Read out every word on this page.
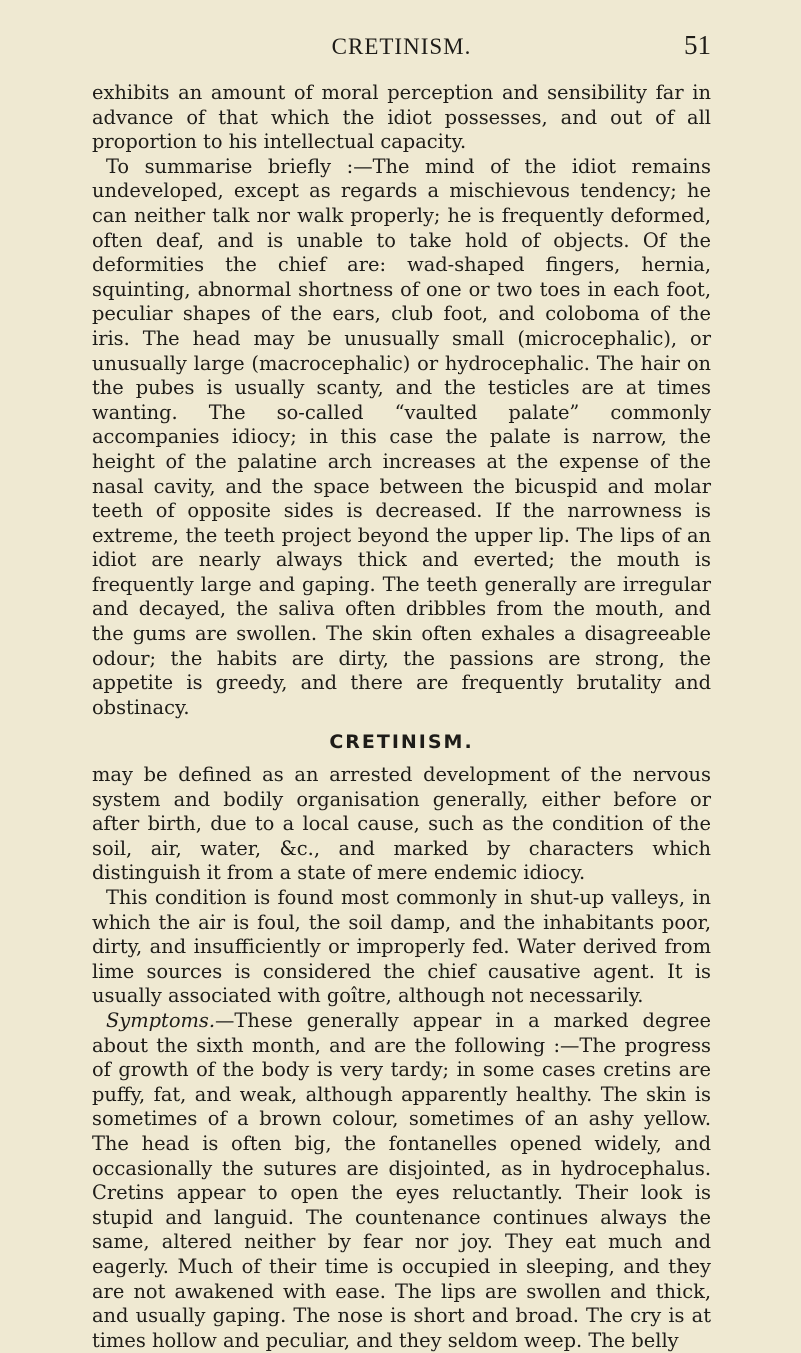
CRETINISM.	51

exhibits an amount of moral perception and sensibility far in advance of that which the idiot possesses, and out of all proportion to his intellectual capacity.

To summarise briefly :—The mind of the idiot remains undeveloped, except as regards a mischievous tendency; he can neither talk nor walk properly; he is frequently deformed, often deaf, and is unable to take hold of objects. Of the deformities the chief are: wad-shaped fingers, hernia, squinting, abnormal shortness of one or two toes in each foot, peculiar shapes of the ears, club foot, and coloboma of the iris. The head may be unusually small (microcephalic), or unusually large (macrocephalic) or hydrocephalic. The hair on the pubes is usually scanty, and the testicles are at times wanting. The so-called “vaulted palate” commonly accompanies idiocy; in this case the palate is narrow, the height of the palatine arch increases at the expense of the nasal cavity, and the space between the bicuspid and molar teeth of opposite sides is decreased. If the narrowness is extreme, the teeth project beyond the upper lip. The lips of an idiot are nearly always thick and everted; the mouth is frequently large and gaping. The teeth generally are irregular and decayed, the saliva often dribbles from the mouth, and the gums are swollen. The skin often exhales a disagreeable odour; the habits are dirty, the passions are strong, the appetite is greedy, and there are frequently brutality and obstinacy.

CRETINISM.

may be defined as an arrested development of the nervous system and bodily organisation generally, either before or after birth, due to a local cause, such as the condition of the soil, air, water, &c., and marked by characters which distinguish it from a state of mere endemic idiocy.

This condition is found most commonly in shut-up valleys, in which the air is foul, the soil damp, and the inhabitants poor, dirty, and insufficiently or improperly fed. Water derived from lime sources is considered the chief causative agent. It is usually associated with goître, although not necessarily.

Symptoms.—These generally appear in a marked degree about the sixth month, and are the following :—The progress of growth of the body is very tardy; in some cases cretins are puffy, fat, and weak, although apparently healthy. The skin is sometimes of a brown colour, sometimes of an ashy yellow. The head is often big, the fontanelles opened widely, and occasionally the sutures are disjointed, as in hydrocephalus. Cretins appear to open the eyes reluctantly. Their look is stupid and languid. The countenance continues always the same, altered neither by fear nor joy. They eat much and eagerly. Much of their time is occupied in sleeping, and they are not awakened with ease. The lips are swollen and thick, and usually gaping. The nose is short and broad. The cry is at times hollow and peculiar, and they seldom weep. The belly
